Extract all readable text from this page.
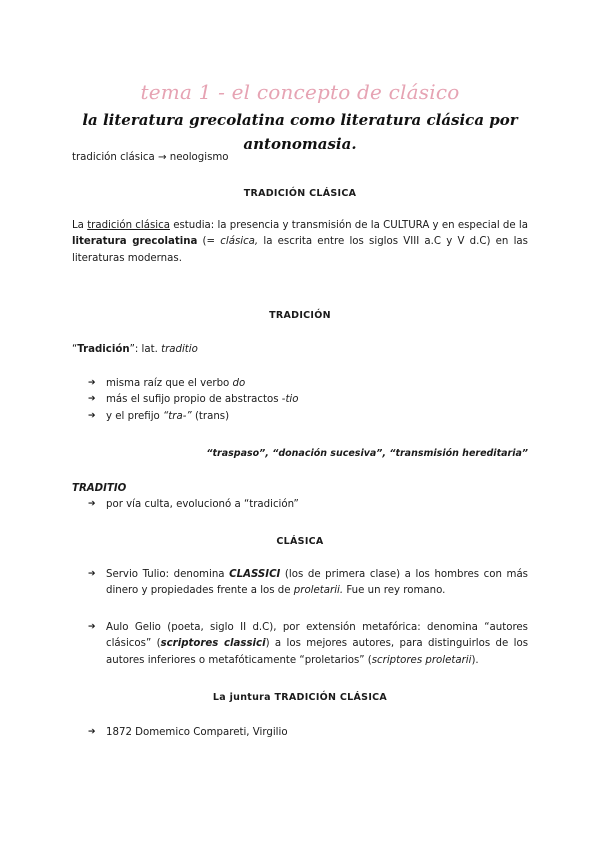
tema 1 - el concepto de clásico
la literatura grecolatina como literatura clásica por antonomasia.
tradición clásica → neologismo
TRADICIÓN CLÁSICA
La tradición clásica estudia: la presencia y transmisión de la CULTURA y en especial de la literatura grecolatina (= clásica, la escrita entre los siglos VIII a.C y V d.C) en las literaturas modernas.
TRADICIÓN
“Tradición”: lat. traditio
➔ misma raíz que el verbo do
➔ más el sufijo propio de abstractos -tio
➔ y el prefijo “tra-” (trans)
“traspaso”, “donación sucesiva”, “transmisión hereditaria”
TRADITIO
➔ por vía culta, evolucionó a “tradición”
CLÁSICA
➔ Servio Tulio: denomina CLASSICI (los de primera clase) a los hombres con más dinero y propiedades frente a los de proletarii. Fue un rey romano.
➔ Aulo Gelio (poeta, siglo II d.C), por extensión metafórica: denomina “autores clásicos” (scriptores classici) a los mejores autores, para distinguirlos de los autores inferiores o metafóticamente “proletarios” (scriptores proletarii).
La juntura TRADICIÓN CLÁSICA
➔ 1872 Domemico Compareti, Virgilio
